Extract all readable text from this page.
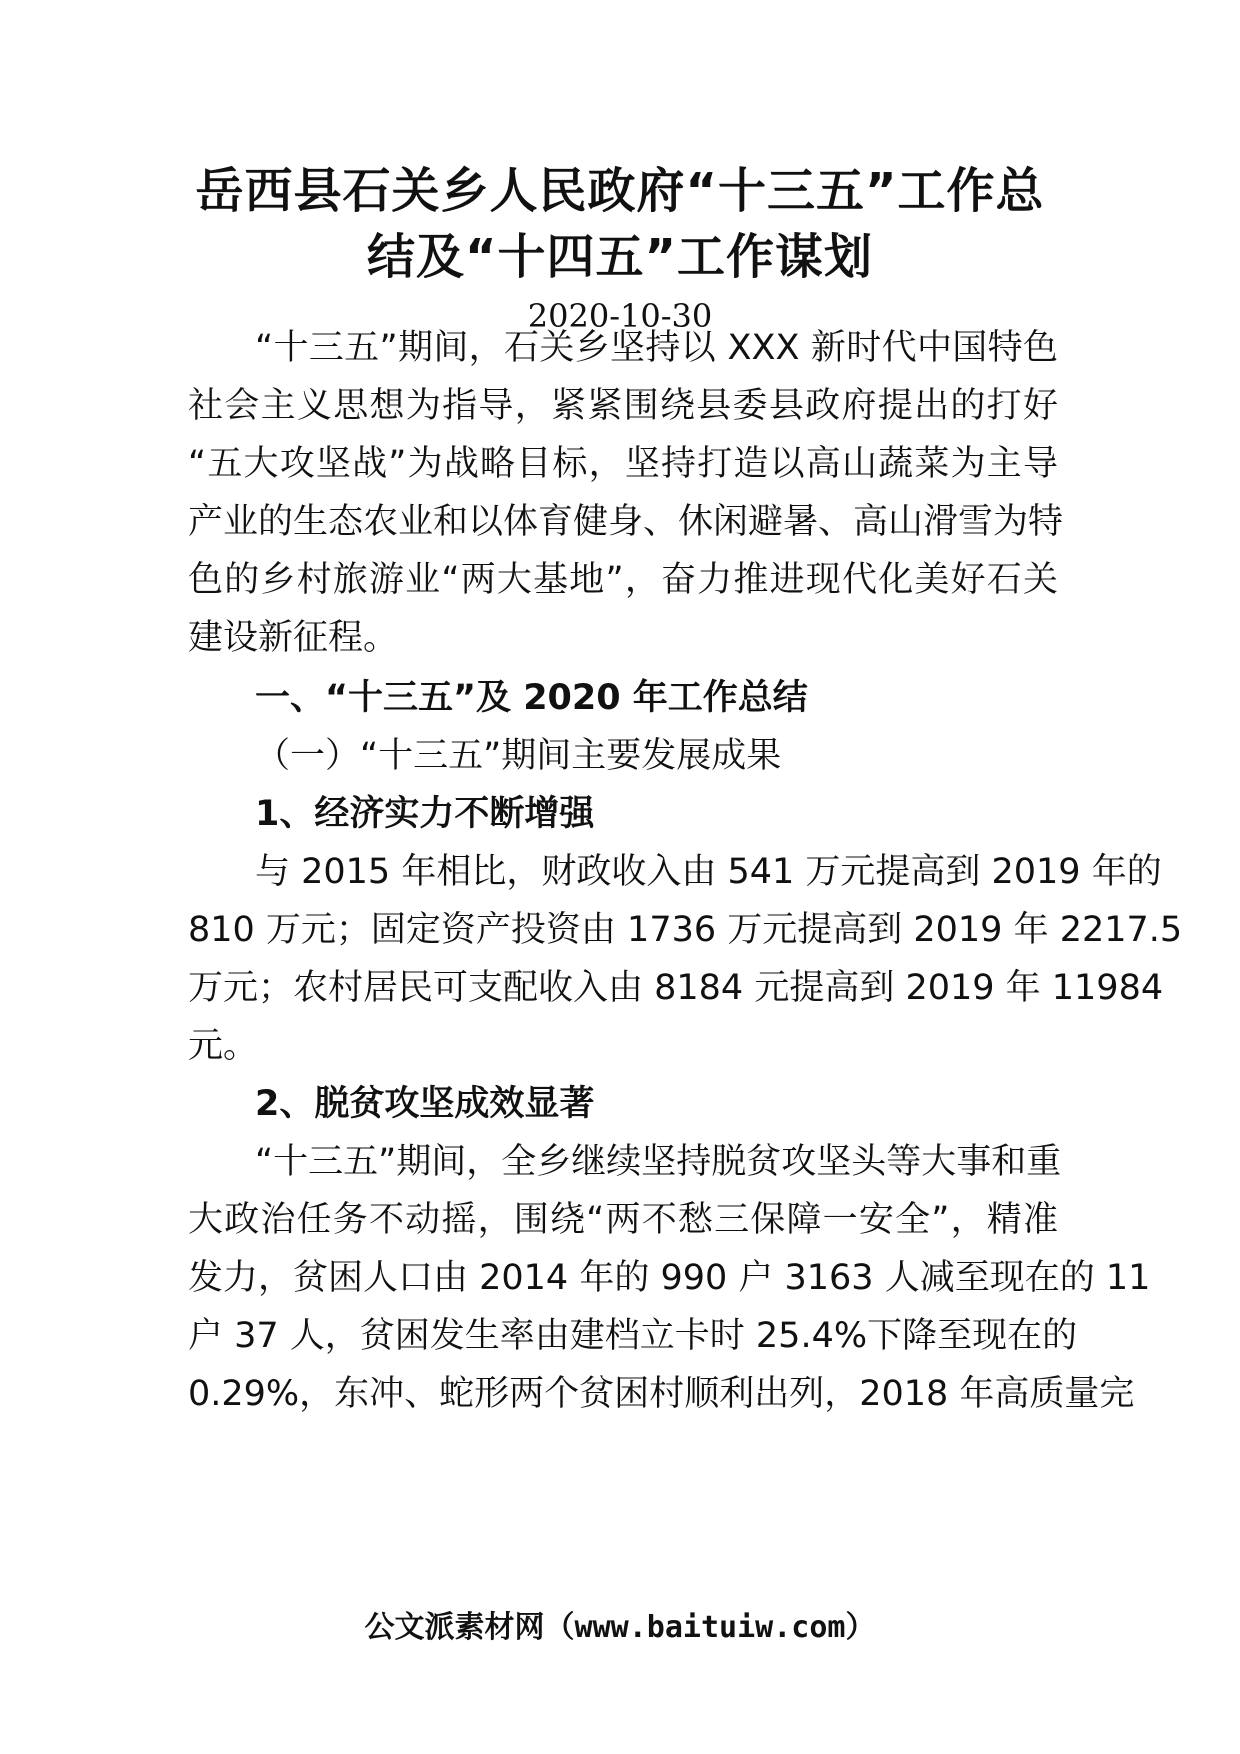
岳西县石关乡人民政府“十三五”工作总
结及“十四五”工作谋划
2020-10-30
“十三五”期间，石关乡坚持以 XXX 新时代中国特色
社会主义思想为指导，紧紧围绕县委县政府提出的打好
“五大攻坚战”为战略目标，坚持打造以高山蔬菜为主导
产业的生态农业和以体育健身、休闲避暑、高山滑雪为特
色的乡村旅游业“两大基地”，奋力推进现代化美好石关
建设新征程。
一、“十三五”及 2020 年工作总结
（一）“十三五”期间主要发展成果
1、经济实力不断增强
与 2015 年相比，财政收入由 541 万元提高到 2019 年的
810 万元；固定资产投资由 1736 万元提高到 2019 年 2217.5
万元；农村居民可支配收入由 8184 元提高到 2019 年 11984
元。
2、脱贫攻坚成效显著
“十三五”期间，全乡继续坚持脱贫攻坚头等大事和重
大政治任务不动摇，围绕“两不愁三保障一安全”，精准
发力，贫困人口由 2014 年的 990 户 3163 人减至现在的 11
户 37 人，贫困发生率由建档立卡时 25.4%下降至现在的
0.29%，东冲、蛇形两个贫困村顺利出列，2018 年高质量完
公文派素材网（www.baituiw.com）
